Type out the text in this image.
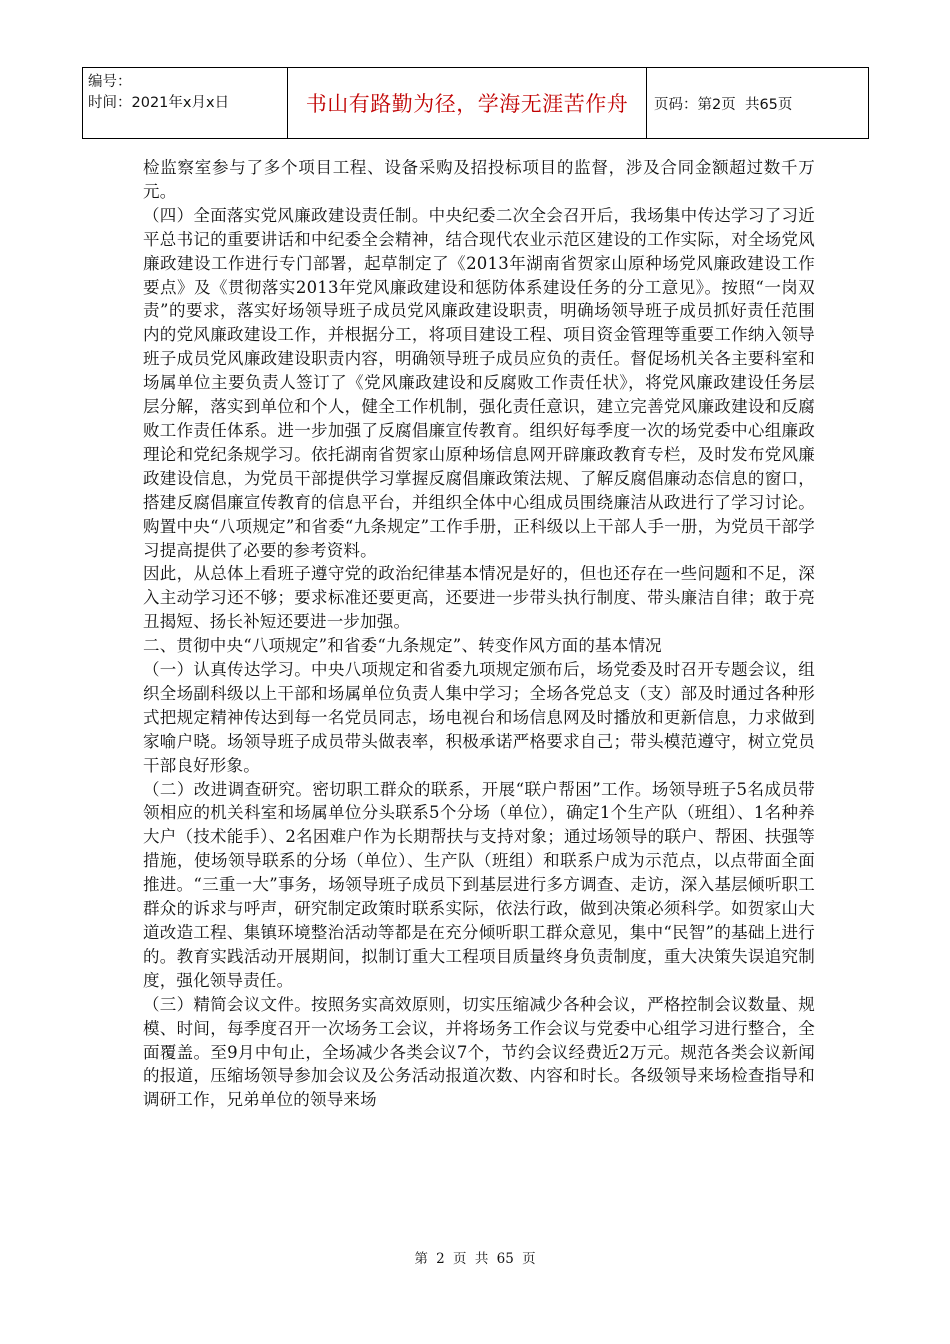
编号：
时间：2021年x月x日	书山有路勤为径，学海无涯苦作舟	页码：第2页  共65页

检监察室参与了多个项目工程、设备采购及招投标项目的监督，涉及合同金额超过数千万元。

（四）全面落实党风廉政建设责任制。中央纪委二次全会召开后，我场集中传达学习了习近平总书记的重要讲话和中纪委全会精神，结合现代农业示范区建设的工作实际，对全场党风廉政建设工作进行专门部署，起草制定了《2013年湖南省贺家山原种场党风廉政建设工作要点》及《贯彻落实2013年党风廉政建设和惩防体系建设任务的分工意见》。按照“一岗双责”的要求，落实好场领导班子成员党风廉政建设职责，明确场领导班子成员抓好责任范围内的党风廉政建设工作，并根据分工，将项目建设工程、项目资金管理等重要工作纳入领导班子成员党风廉政建设职责内容，明确领导班子成员应负的责任。督促场机关各主要科室和场属单位主要负责人签订了《党风廉政建设和反腐败工作责任状》，将党风廉政建设任务层层分解，落实到单位和个人，健全工作机制，强化责任意识，建立完善党风廉政建设和反腐败工作责任体系。进一步加强了反腐倡廉宣传教育。组织好每季度一次的场党委中心组廉政理论和党纪条规学习。依托湖南省贺家山原种场信息网开辟廉政教育专栏，及时发布党风廉政建设信息，为党员干部提供学习掌握反腐倡廉政策法规、了解反腐倡廉动态信息的窗口，搭建反腐倡廉宣传教育的信息平台，并组织全体中心组成员围绕廉洁从政进行了学习讨论。购置中央“八项规定”和省委“九条规定”工作手册，正科级以上干部人手一册，为党员干部学习提高提供了必要的参考资料。

因此，从总体上看班子遵守党的政治纪律基本情况是好的，但也还存在一些问题和不足，深入主动学习还不够；要求标准还要更高，还要进一步带头执行制度、带头廉洁自律；敢于亮丑揭短、扬长补短还要进一步加强。

二、贯彻中央“八项规定”和省委“九条规定”、转变作风方面的基本情况

（一）认真传达学习。中央八项规定和省委九项规定颁布后，场党委及时召开专题会议，组织全场副科级以上干部和场属单位负责人集中学习；全场各党总支（支）部及时通过各种形式把规定精神传达到每一名党员同志，场电视台和场信息网及时播放和更新信息，力求做到家喻户晓。场领导班子成员带头做表率，积极承诺严格要求自己；带头模范遵守，树立党员干部良好形象。

（二）改进调查研究。密切职工群众的联系，开展“联户帮困”工作。场领导班子5名成员带领相应的机关科室和场属单位分头联系5个分场（单位），确定1个生产队（班组）、1名种养大户（技术能手）、2名困难户作为长期帮扶与支持对象；通过场领导的联户、帮困、扶强等措施，使场领导联系的分场（单位）、生产队（班组）和联系户成为示范点，以点带面全面推进。“三重一大”事务，场领导班子成员下到基层进行多方调查、走访，深入基层倾听职工群众的诉求与呼声，研究制定政策时联系实际，依法行政，做到决策必须科学。如贺家山大道改造工程、集镇环境整治活动等都是在充分倾听职工群众意见，集中“民智”的基础上进行的。教育实践活动开展期间，拟制订重大工程项目质量终身负责制度，重大决策失误追究制度，强化领导责任。

（三）精简会议文件。按照务实高效原则，切实压缩减少各种会议，严格控制会议数量、规模、时间，每季度召开一次场务工会议，并将场务工作会议与党委中心组学习进行整合，全面覆盖。至9月中旬止，全场减少各类会议7个，节约会议经费近2万元。规范各类会议新闻的报道，压缩场领导参加会议及公务活动报道次数、内容和时长。各级领导来场检查指导和调研工作，兄弟单位的领导来场

第 2 页 共 65 页
